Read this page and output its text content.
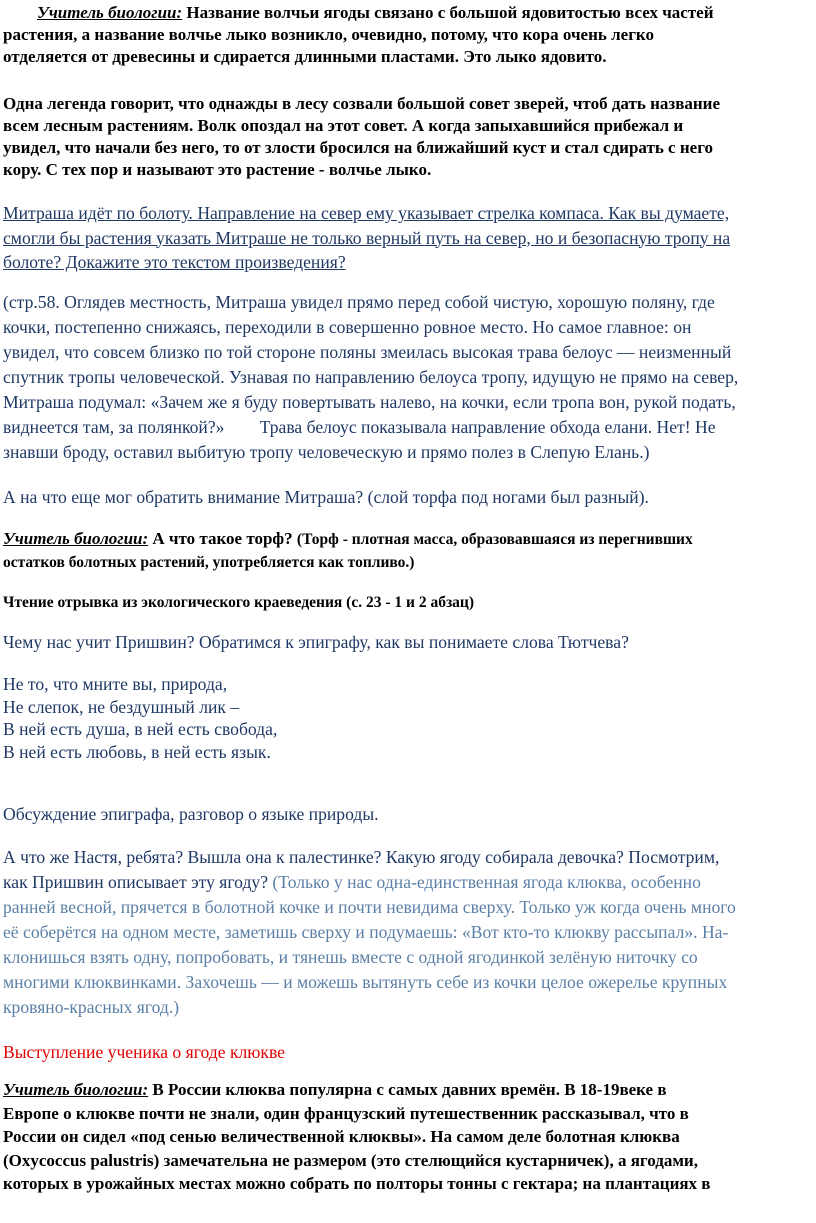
Учитель биологии: Название волчьи ягоды связано с большой ядовитостью всех частей
растения, а название волчье лыко возникло, очевидно, потому, что кора очень легко
отделяется от древесины и сдирается длинными пластами. Это лыко ядовито.

Одна легенда говорит, что однажды в лесу созвали большой совет зверей, чтоб дать название
всем лесным растениям. Волк опоздал на этот совет. А когда запыхавшийся прибежал и
увидел, что начали без него, то от злости бросился на ближайший куст и стал сдирать с него
кору. С тех пор и называют это растение - волчье лыко.

Митраша идёт по болоту. Направление на север ему указывает стрелка компаса. Как вы думаете,
смогли бы растения указать Митраше не только верный путь на север, но и безопасную тропу на
болоте? Докажите это текстом произведения?

(стр.58. Оглядев местность, Митраша увидел прямо перед собой чистую, хорошую поляну, где
кочки, постепенно снижаясь, переходили в совершенно ровное место. Но самое главное: он
увидел, что совсем близко по той стороне поляны змеилась высокая трава белоус — неизменный
спутник тропы человеческой. Узнавая по направлению белоуса тропу, идущую не прямо на север,
Митраша подумал: «Зачем же я буду повертывать налево, на кочки, если тропа вон, рукой подать,
виднеется там, за полянкой?»        Трава белоус показывала направление обхода елани. Нет! Не
знавши броду, оставил выбитую тропу человеческую и прямо полез в Слепую Елань.)

А на что еще мог обратить внимание Митраша? (слой торфа под ногами был разный).

Учитель биологии: А что такое торф? (Торф - плотная масса, образовавшаяся из перегнивших
остатков болотных растений, употребляется как топливо.)

Чтение отрывка из экологического краеведения (с. 23 - 1 и 2 абзац)

Чему нас учит Пришвин? Обратимся к эпиграфу, как вы понимаете слова Тютчева?

Не то, что мните вы, природа,
Не слепок, не бездушный лик –
В ней есть душа, в ней есть свобода,
В ней есть любовь, в ней есть язык.

Обсуждение эпиграфа, разговор о языке природы.

А что же Настя, ребята? Вышла она к палестинке? Какую ягоду собирала девочка? Посмотрим,
как Пришвин описывает эту ягоду? (Только у нас одна-единственная ягода клюква, особенно
ранней весной, прячется в болотной кочке и почти невидима сверху. Только уж когда очень много
её соберётся на одном месте, заметишь сверху и подумаешь: «Вот кто-то клюкву рассыпал». На-
клонишься взять одну, попробовать, и тянешь вместе с одной ягодинкой зелёную ниточку со
многими клюквинками. Захочешь — и можешь вытянуть себе из кочки целое ожерелье крупных
кровяно-красных ягод.)

Выступление ученика о ягоде клюкве

Учитель биологии: В России клюква популярна с самых давних времён. В 18-19веке в
Европе о клюкве почти не знали, один французский путешественник рассказывал, что в
России он сидел «под сенью величественной клюквы». На самом деле болотная клюква
(Oxycoccus palustris) замечательна не размером (это стелющийся кустарничек), а ягодами,
которых в урожайных местах можно собрать по полторы тонны с гектара; на плантациях в
